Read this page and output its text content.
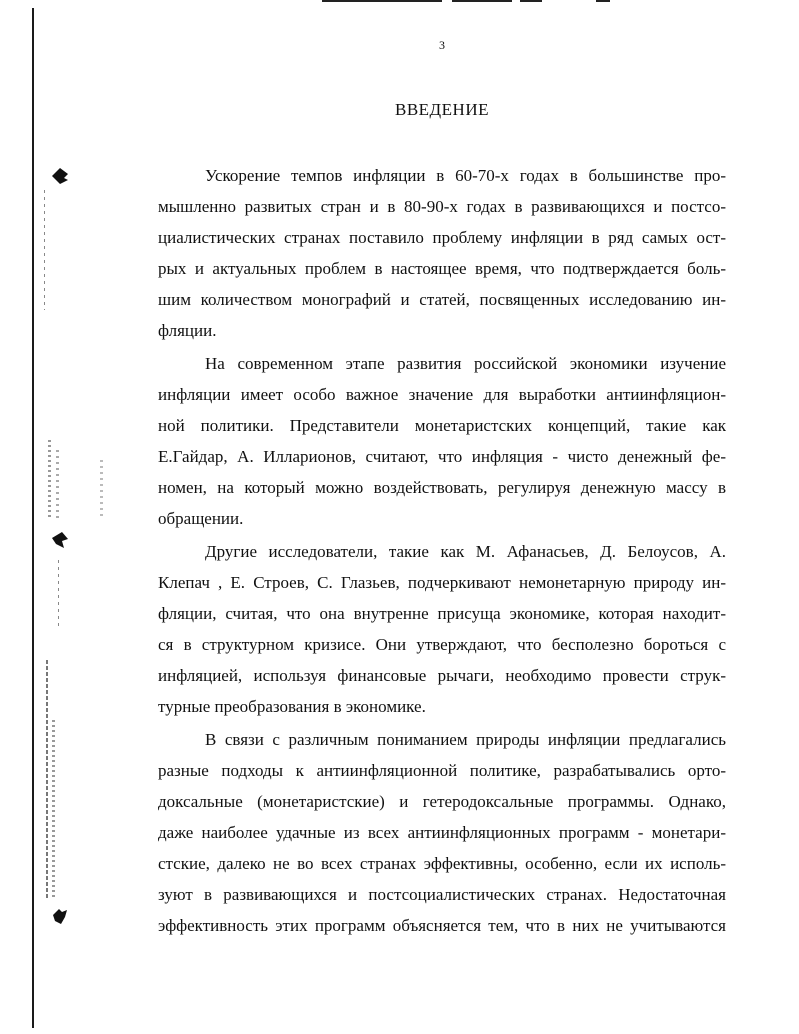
3
ВВЕДЕНИЕ

Ускорение темпов инфляции в 60-70-х годах в большинстве про-
мышленно развитых стран и в 80-90-х годах в развивающихся и постсо-
циалистических странах поставило проблему инфляции в ряд самых ост-
рых и актуальных проблем в настоящее время, что подтверждается боль-
шим количеством монографий и статей, посвященных исследованию ин-
фляции.

На современном этапе развития российской экономики изучение
инфляции имеет особо важное значение для выработки антиинфляцион-
ной политики. Представители монетаристских концепций, такие как
Е.Гайдар, А. Илларионов, считают, что инфляция - чисто денежный фе-
номен, на который можно воздействовать, регулируя денежную массу в
обращении.

Другие исследователи, такие как М. Афанасьев, Д. Белоусов, А.
Клепач , Е. Строев, С. Глазьев, подчеркивают немонетарную природу ин-
фляции, считая, что она внутренне присуща экономике, которая находит-
ся в структурном кризисе. Они утверждают, что бесполезно бороться с
инфляцией, используя финансовые рычаги, необходимо провести струк-
турные преобразования в экономике.

В связи с различным пониманием природы инфляции предлагались
разные подходы к антиинфляционной политике, разрабатывались орто-
доксальные (монетаристские) и гетеродоксальные программы. Однако,
даже наиболее удачные из всех антиинфляционных программ - монетари-
стские, далеко не во всех странах эффективны, особенно, если их исполь-
зуют в развивающихся и постсоциалистических странах. Недостаточная
эффективность этих программ объясняется тем, что в них не учитываются
